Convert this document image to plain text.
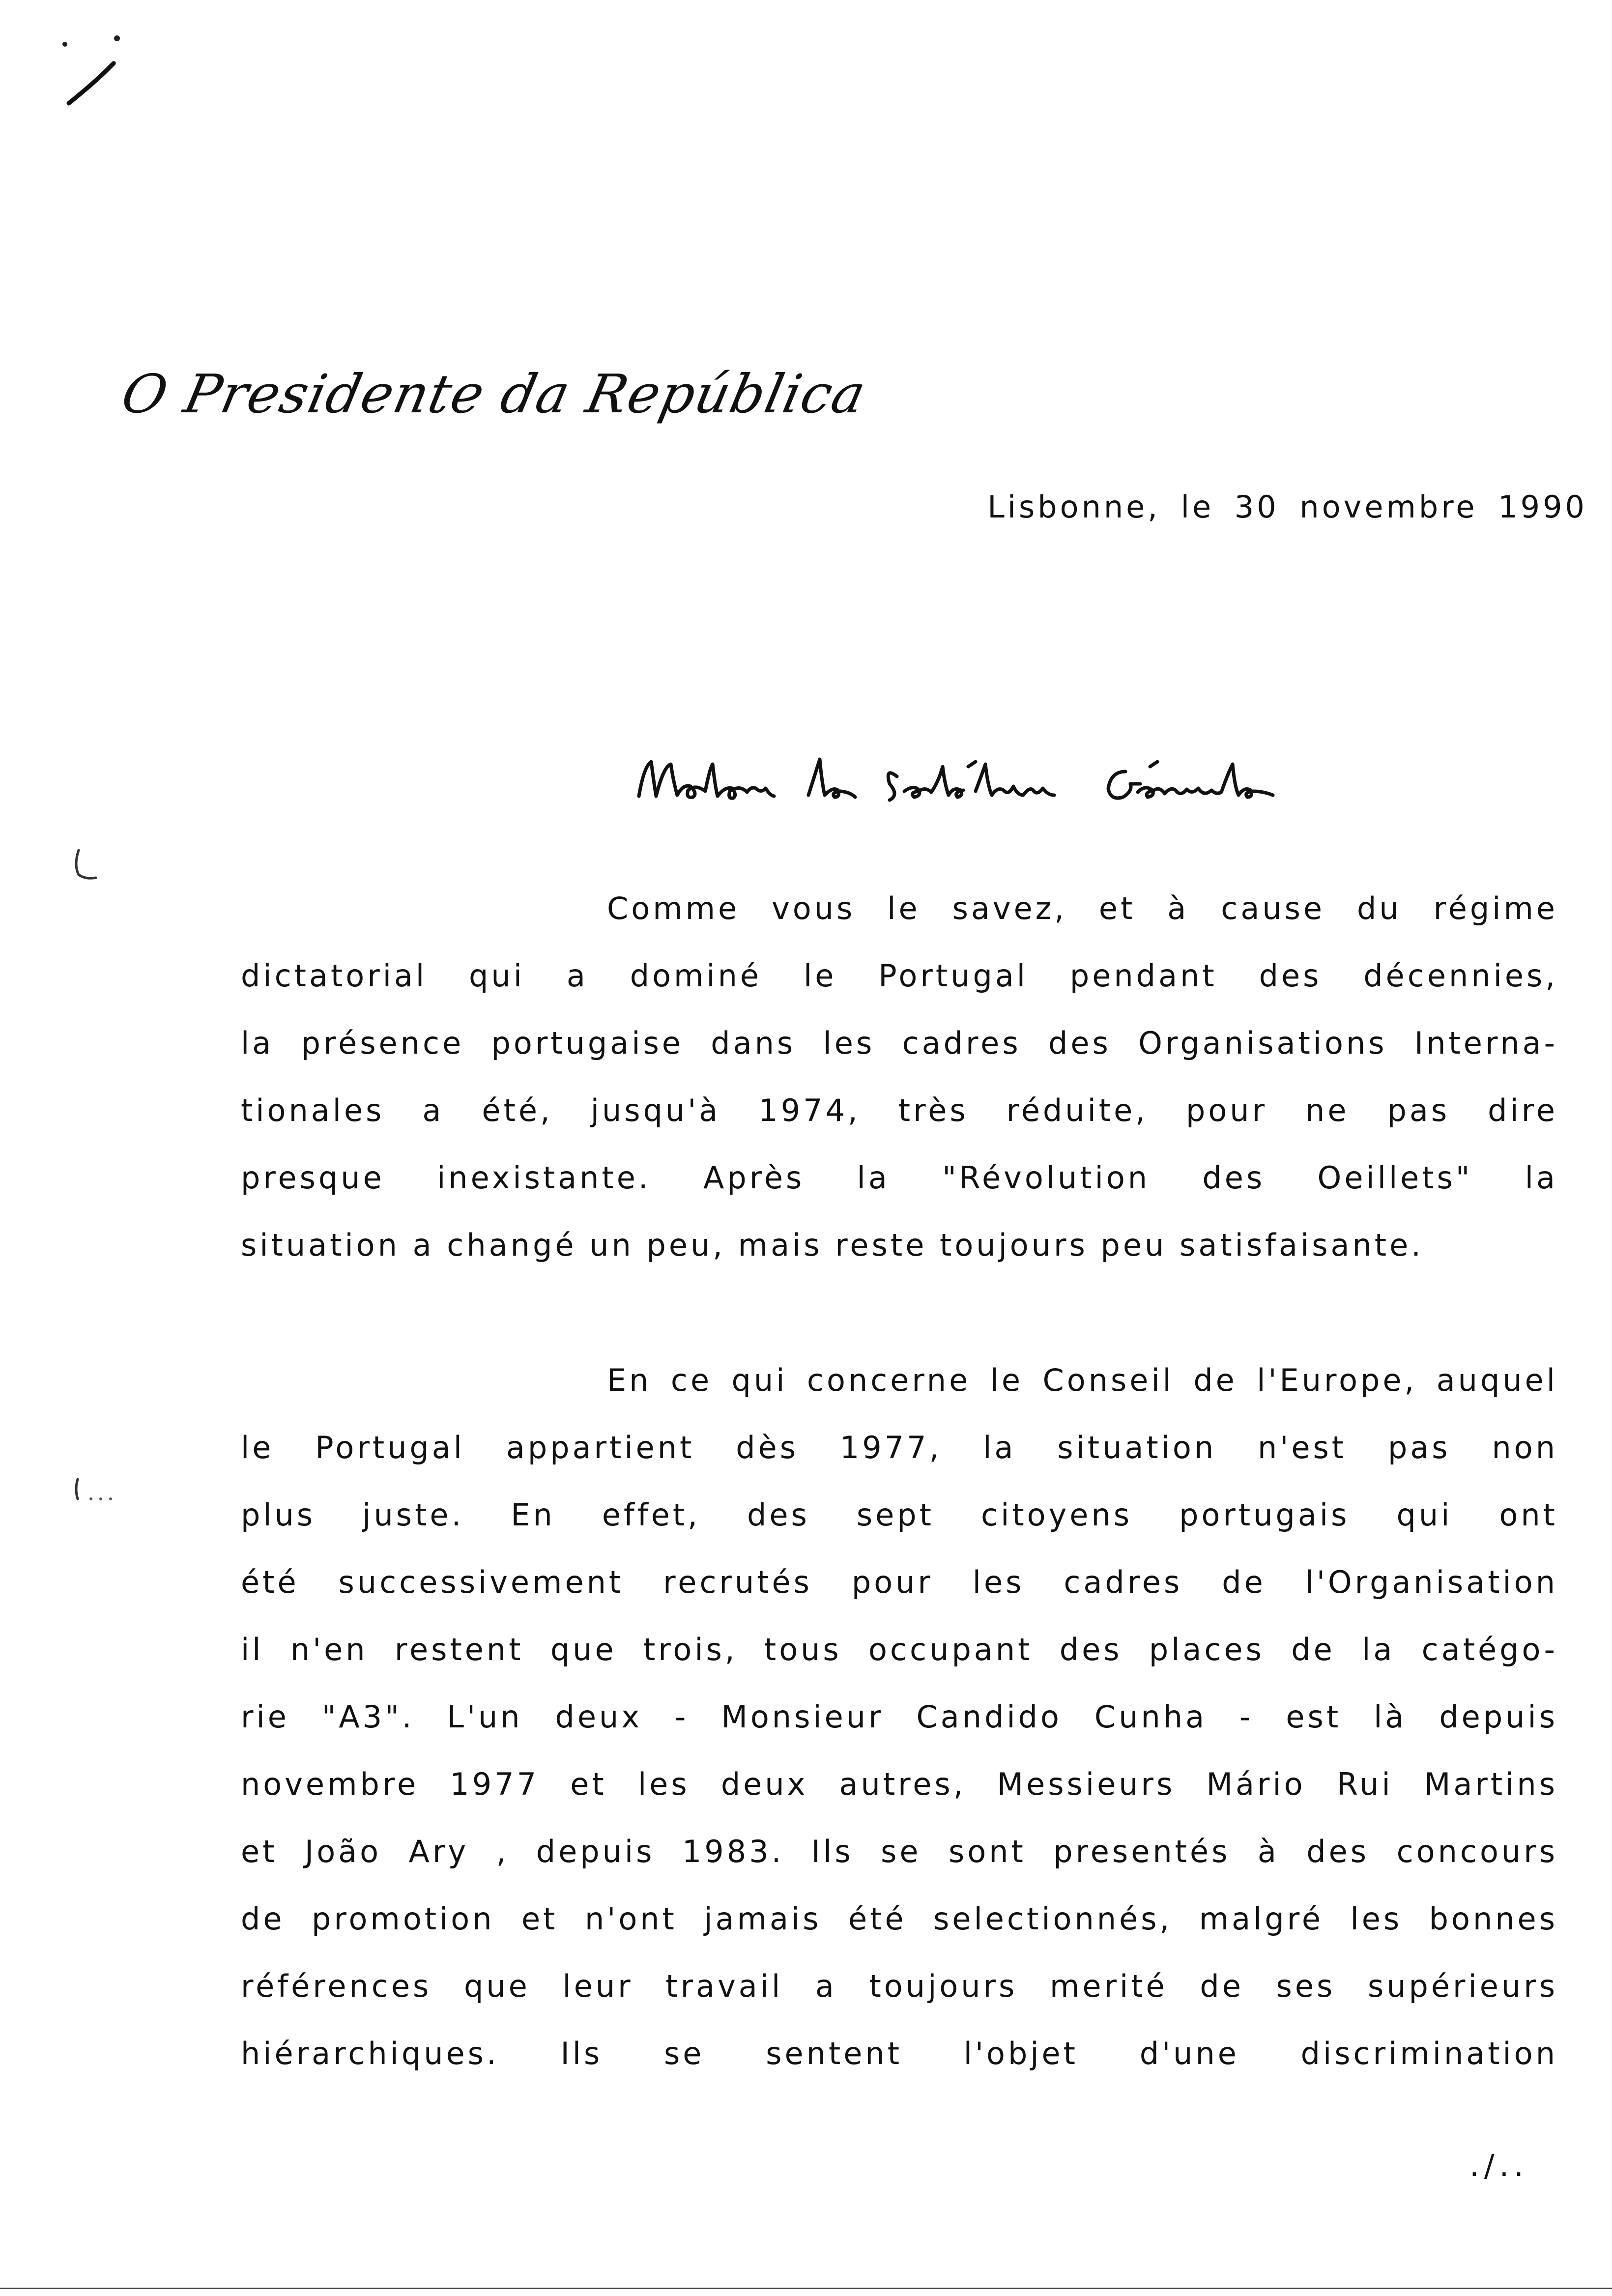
O Presidente da República
Lisbonne, le 30 novembre 1990

Comme vous le savez, et à cause du régime
dictatorial qui a dominé le Portugal pendant des décennies,
la présence portugaise dans les cadres des Organisations Interna-
tionales a été, jusqu'à 1974, très réduite, pour ne pas dire
presque inexistante. Après la "Révolution des Oeillets" la
situation a changé un peu, mais reste toujours peu satisfaisante.

En ce qui concerne le Conseil de l'Europe, auquel
le Portugal appartient dès 1977, la situation n'est pas non
plus juste. En effet, des sept citoyens portugais qui ont
été successivement recrutés pour les cadres de l'Organisation
il n'en restent que trois, tous occupant des places de la catégo-
rie "A3". L'un deux - Monsieur Candido Cunha - est là depuis
novembre 1977 et les deux autres, Messieurs Mário Rui Martins
et João Ary , depuis 1983. Ils se sont presentés à des concours
de promotion et n'ont jamais été selectionnés, malgré les bonnes
références que leur travail a toujours merité de ses supérieurs
hiérarchiques. Ils se sentent l'objet d'une discrimination

./..
